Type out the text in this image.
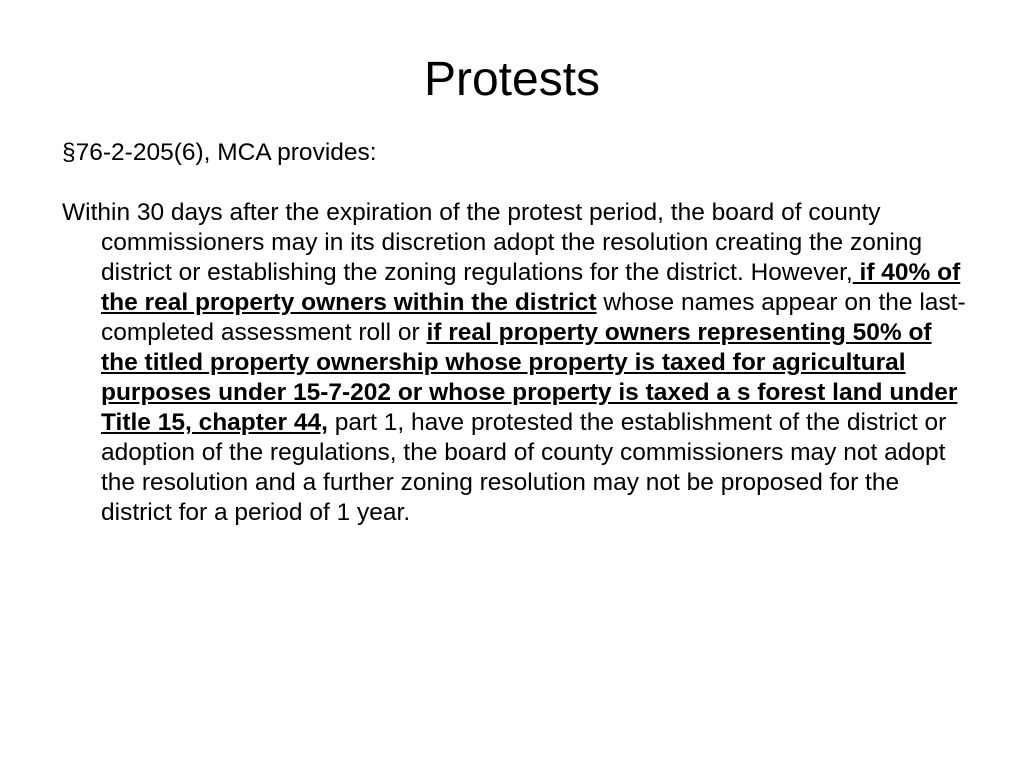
Protests

§76-2-205(6), MCA provides:

Within 30 days after the expiration of the protest period, the board of county commissioners may in its discretion adopt the resolution creating the zoning district or establishing the zoning regulations for the district. However, if 40% of the real property owners within the district whose names appear on the last-completed assessment roll or if real property owners representing 50% of the titled property ownership whose property is taxed for agricultural purposes under 15-7-202 or whose property is taxed a s forest land under Title 15, chapter 44, part 1, have protested the establishment of the district or adoption of the regulations, the board of county commissioners may not adopt the resolution and a further zoning resolution may not be proposed for the district for a period of 1 year.
